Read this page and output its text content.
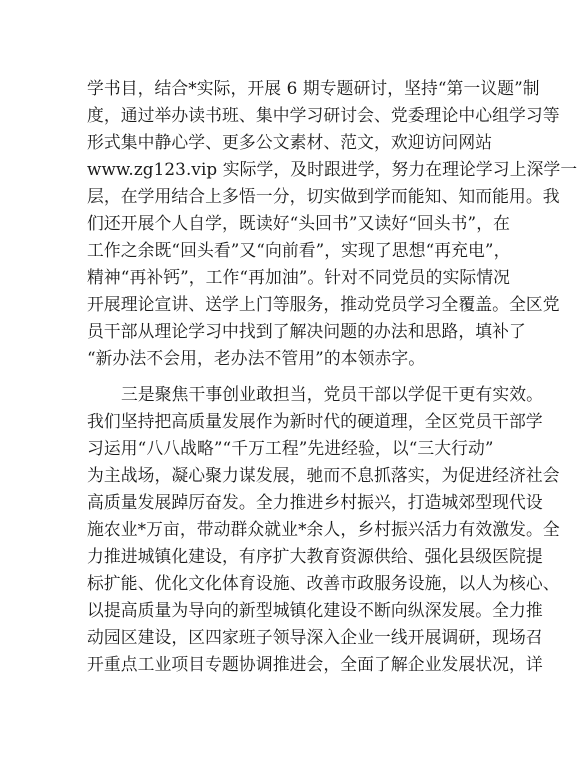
学书目，结合*实际，开展 6 期专题研讨，坚持“第一议题”制
度，通过举办读书班、集中学习研讨会、党委理论中心组学习等
形式集中静心学、更多公文素材、范文，欢迎访问网站
www.zg123.vip 实际学，及时跟进学，努力在理论学习上深学一
层，在学用结合上多悟一分，切实做到学而能知、知而能用。我
们还开展个人自学，既读好“头回书”又读好“回头书”，在
工作之余既“回头看”又“向前看”，实现了思想“再充电”，
精神“再补钙”，工作“再加油”。针对不同党员的实际情况
开展理论宣讲、送学上门等服务，推动党员学习全覆盖。全区党
员干部从理论学习中找到了解决问题的办法和思路，填补了
“新办法不会用，老办法不管用”的本领赤字。
三是聚焦干事创业敢担当，党员干部以学促干更有实效。
我们坚持把高质量发展作为新时代的硬道理，全区党员干部学
习运用“八八战略”“千万工程”先进经验，以“三大行动”
为主战场，凝心聚力谋发展，驰而不息抓落实，为促进经济社会
高质量发展踔厉奋发。全力推进乡村振兴，打造城郊型现代设
施农业*万亩，带动群众就业*余人，乡村振兴活力有效激发。全
力推进城镇化建设，有序扩大教育资源供给、强化县级医院提
标扩能、优化文化体育设施、改善市政服务设施，以人为核心、
以提高质量为导向的新型城镇化建设不断向纵深发展。全力推
动园区建设，区四家班子领导深入企业一线开展调研，现场召
开重点工业项目专题协调推进会，全面了解企业发展状况，详
